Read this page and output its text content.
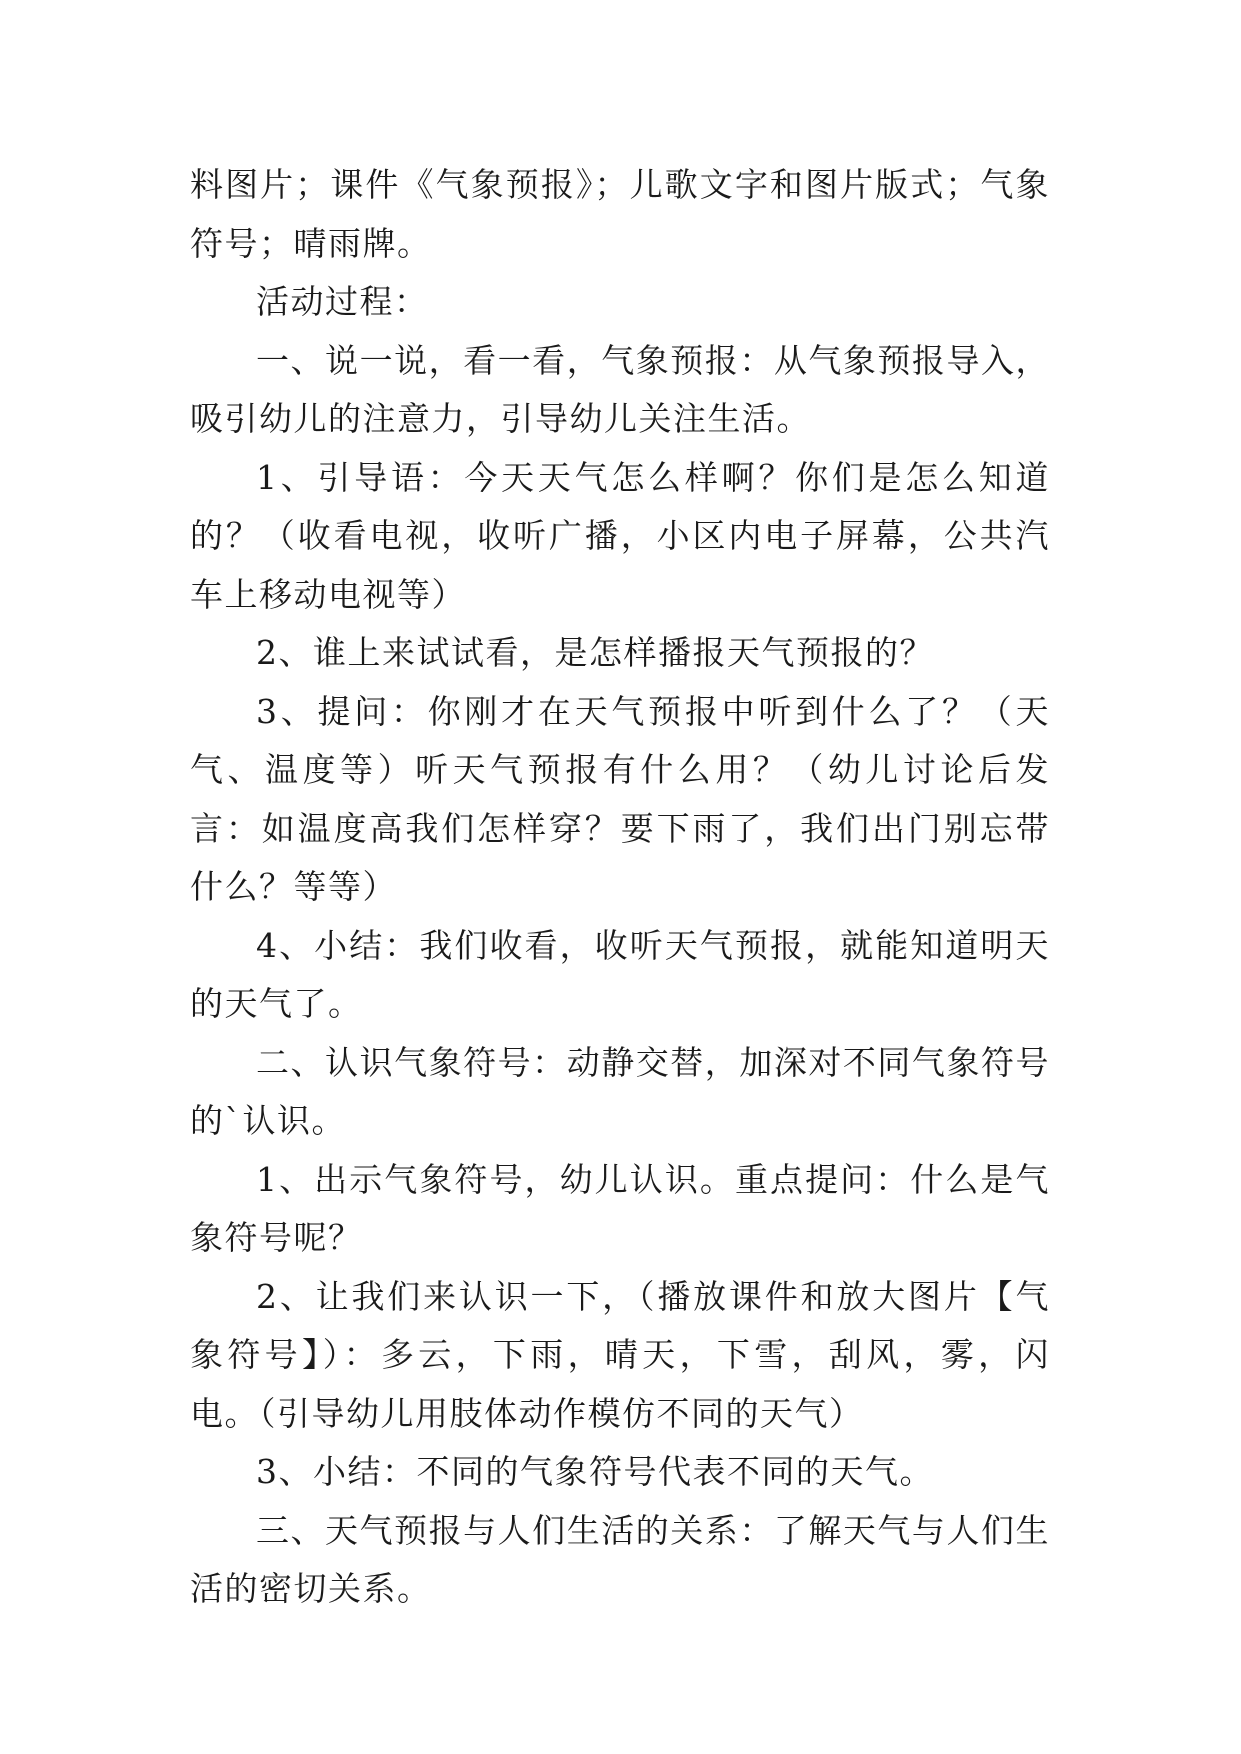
料图片；课件《气象预报》；儿歌文字和图片版式；气象符号；晴雨牌。

活动过程：

一、说一说，看一看，气象预报：从气象预报导入，吸引幼儿的注意力，引导幼儿关注生活。

1、引导语：今天天气怎么样啊？你们是怎么知道的？（收看电视，收听广播，小区内电子屏幕，公共汽车上移动电视等）

2、谁上来试试看，是怎样播报天气预报的？

3、提问：你刚才在天气预报中听到什么了？（天气、温度等）听天气预报有什么用？（幼儿讨论后发言：如温度高我们怎样穿？要下雨了，我们出门别忘带什么？等等）

4、小结：我们收看，收听天气预报，就能知道明天的天气了。

二、认识气象符号：动静交替，加深对不同气象符号的`认识。

1、出示气象符号，幼儿认识。重点提问：什么是气象符号呢？

2、让我们来认识一下，（播放课件和放大图片【气象符号】）：多云，下雨，晴天，下雪，刮风，雾，闪电。（引导幼儿用肢体动作模仿不同的天气）

3、小结：不同的气象符号代表不同的天气。

三、天气预报与人们生活的关系：了解天气与人们生活的密切关系。
